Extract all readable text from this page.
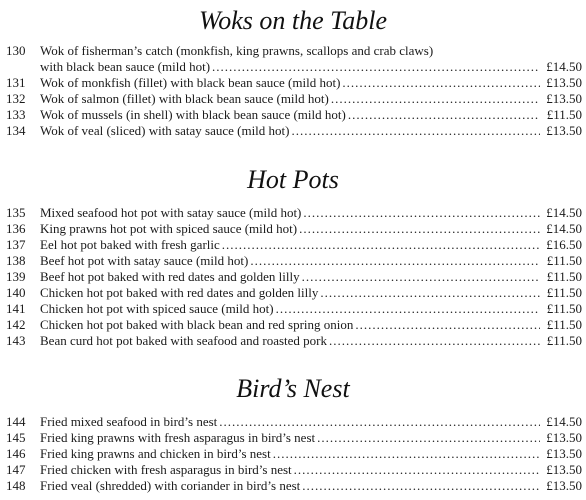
Woks on the Table
130	Wok of fisherman’s catch (monkfish, king prawns, scallops and crab claws)
with black bean sauce (mild hot) .....	£14.50
131	Wok of monkfish (fillet) with black bean sauce (mild hot) .....	£13.50
132	Wok of salmon (fillet) with black bean sauce (mild hot) .....	£13.50
133	Wok of mussels (in shell) with black bean sauce (mild hot) .....	£11.50
134	Wok of veal (sliced) with satay sauce (mild hot) .....	£13.50
Hot Pots
135	Mixed seafood hot pot with satay sauce (mild hot) .....	£14.50
136	King prawns hot pot with spiced sauce (mild hot) .....	£14.50
137	Eel hot pot baked with fresh garlic .....	£16.50
138	Beef hot pot with satay sauce (mild hot) .....	£11.50
139	Beef hot pot baked with red dates and golden lilly .....	£11.50
140	Chicken hot pot baked with red dates and golden lilly .....	£11.50
141	Chicken hot pot with spiced sauce (mild hot) .....	£11.50
142	Chicken hot pot baked with black bean and red spring onion .....	£11.50
143	Bean curd hot pot baked with seafood and roasted pork .....	£11.50
Bird’s Nest
144	Fried mixed seafood in bird’s nest .....	£14.50
145	Fried king prawns with fresh asparagus in bird’s nest .....	£13.50
146	Fried king prawns and chicken in bird’s nest .....	£13.50
147	Fried chicken with fresh asparagus in bird’s nest .....	£13.50
148	Fried veal (shredded) with coriander in bird’s nest .....	£13.50
